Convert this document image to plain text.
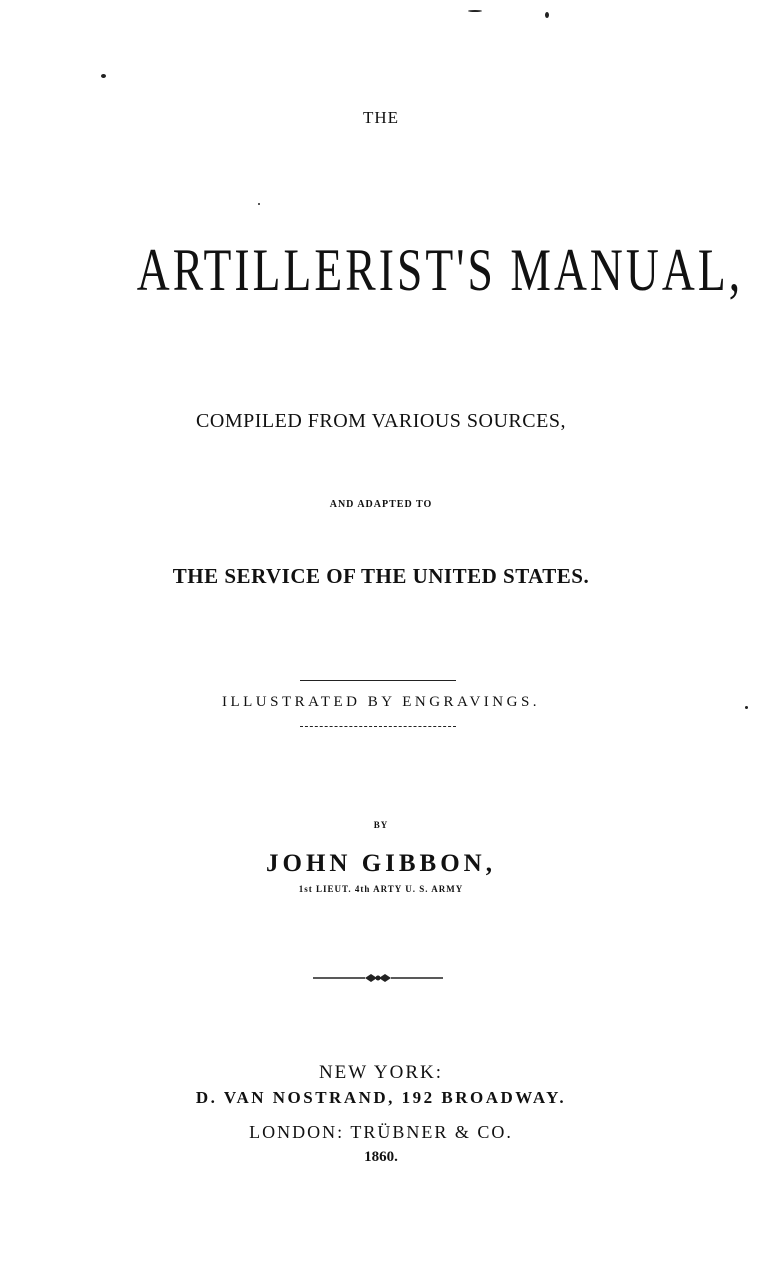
THE
ARTILLERIST'S MANUAL,
COMPILED FROM VARIOUS SOURCES,
AND ADAPTED TO
THE SERVICE OF THE UNITED STATES.
ILLUSTRATED BY ENGRAVINGS.
BY
JOHN GIBBON,
1st LIEUT. 4th ARTY U. S. ARMY
NEW YORK:
D. VAN NOSTRAND, 192 BROADWAY.
LONDON: TRÜBNER & CO.
1860.
